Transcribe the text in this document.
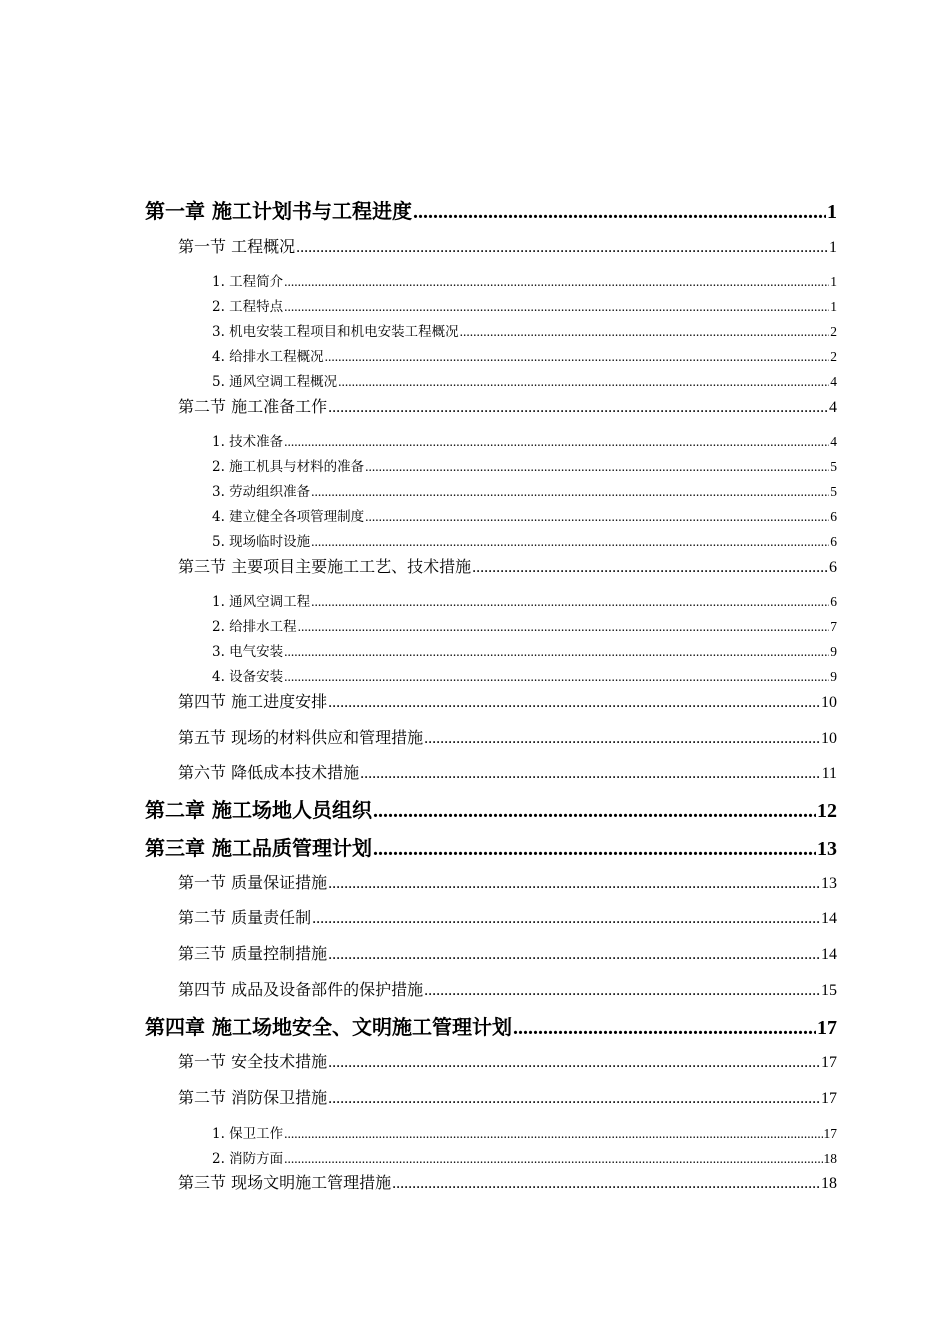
第一章 施工计划书与工程进度 .....	1
第一节 工程概况 .....	1
1. 工程简介 .....	1
2. 工程特点 .....	1
3. 机电安装工程项目和机电安装工程概况 .....	2
4. 给排水工程概况 .....	2
5. 通风空调工程概况 .....	4
第二节 施工准备工作 .....	4
1. 技术准备 .....	4
2. 施工机具与材料的准备 .....	5
3. 劳动组织准备 .....	5
4. 建立健全各项管理制度 .....	6
5. 现场临时设施 .....	6
第三节 主要项目主要施工工艺、技术措施 .....	6
1. 通风空调工程 .....	6
2. 给排水工程 .....	7
3. 电气安装 .....	9
4. 设备安装 .....	9
第四节 施工进度安排 .....	10
第五节 现场的材料供应和管理措施 .....	10
第六节 降低成本技术措施 .....	11
第二章 施工场地人员组织 .....	12
第三章 施工品质管理计划 .....	13
第一节 质量保证措施 .....	13
第二节 质量责任制 .....	14
第三节 质量控制措施 .....	14
第四节 成品及设备部件的保护措施 .....	15
第四章 施工场地安全、文明施工管理计划 .....	17
第一节 安全技术措施 .....	17
第二节 消防保卫措施 .....	17
1. 保卫工作 .....	17
2. 消防方面 .....	18
第三节 现场文明施工管理措施 .....	18
